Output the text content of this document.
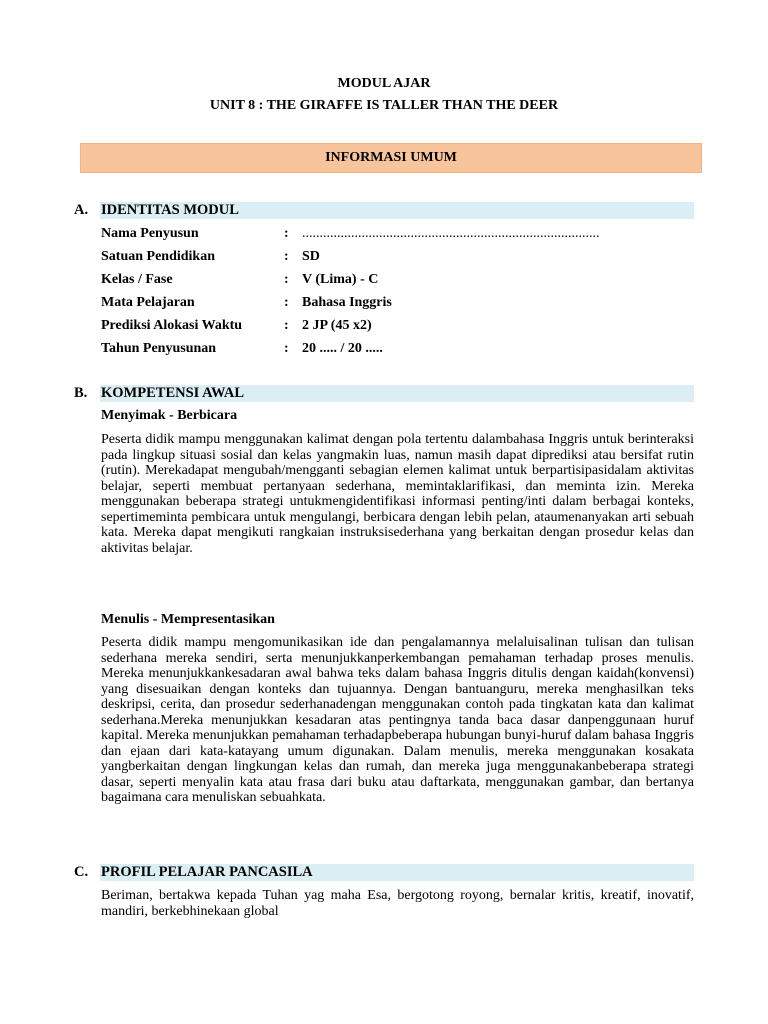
MODUL AJAR
UNIT 8 : THE GIRAFFE IS TALLER THAN THE DEER
INFORMASI UMUM
A. IDENTITAS MODUL
Nama Penyusun	: .....................................................................................
Satuan Pendidikan	: SD
Kelas / Fase	: V (Lima) - C
Mata Pelajaran	: Bahasa Inggris
Prediksi Alokasi Waktu	: 2 JP (45 x2)
Tahun Penyusunan	: 20 ..... / 20 .....
B. KOMPETENSI AWAL
Menyimak - Berbicara
Peserta didik mampu menggunakan kalimat dengan pola tertentu dalambahasa Inggris untuk berinteraksi pada lingkup situasi sosial dan kelas yangmakin luas, namun masih dapat diprediksi atau bersifat rutin (rutin). Merekadapat mengubah/mengganti sebagian elemen kalimat untuk berpartisipasidalam aktivitas belajar, seperti membuat pertanyaan sederhana, memintaklarifikasi, dan meminta izin. Mereka menggunakan beberapa strategi untukmengidentifikasi informasi penting/inti dalam berbagai konteks, sepertimeminta pembicara untuk mengulangi, berbicara dengan lebih pelan, ataumenanyakan arti sebuah kata. Mereka dapat mengikuti rangkaian instruksisederhana yang berkaitan dengan prosedur kelas dan aktivitas belajar.
Menulis - Mempresentasikan
Peserta didik mampu mengomunikasikan ide dan pengalamannya melaluisalinan tulisan dan tulisan sederhana mereka sendiri, serta menunjukkanperkembangan pemahaman terhadap proses menulis. Mereka menunjukkankesadaran awal bahwa teks dalam bahasa Inggris ditulis dengan kaidah(konvensi) yang disesuaikan dengan konteks dan tujuannya. Dengan bantuanguru, mereka menghasilkan teks deskripsi, cerita, dan prosedur sederhanadengan menggunakan contoh pada tingkatan kata dan kalimat sederhana.Mereka menunjukkan kesadaran atas pentingnya tanda baca dasar danpenggunaan huruf kapital. Mereka menunjukkan pemahaman terhadapbeberapa hubungan bunyi-huruf dalam bahasa Inggris dan ejaan dari kata-katayang umum digunakan. Dalam menulis, mereka menggunakan kosakata yangberkaitan dengan lingkungan kelas dan rumah, dan mereka juga menggunakanbeberapa strategi dasar, seperti menyalin kata atau frasa dari buku atau daftarkata, menggunakan gambar, dan bertanya bagaimana cara menuliskan sebuahkata.
C. PROFIL PELAJAR PANCASILA
Beriman, bertakwa kepada Tuhan yag maha Esa, bergotong royong, bernalar kritis, kreatif, inovatif, mandiri, berkebhinekaan global
